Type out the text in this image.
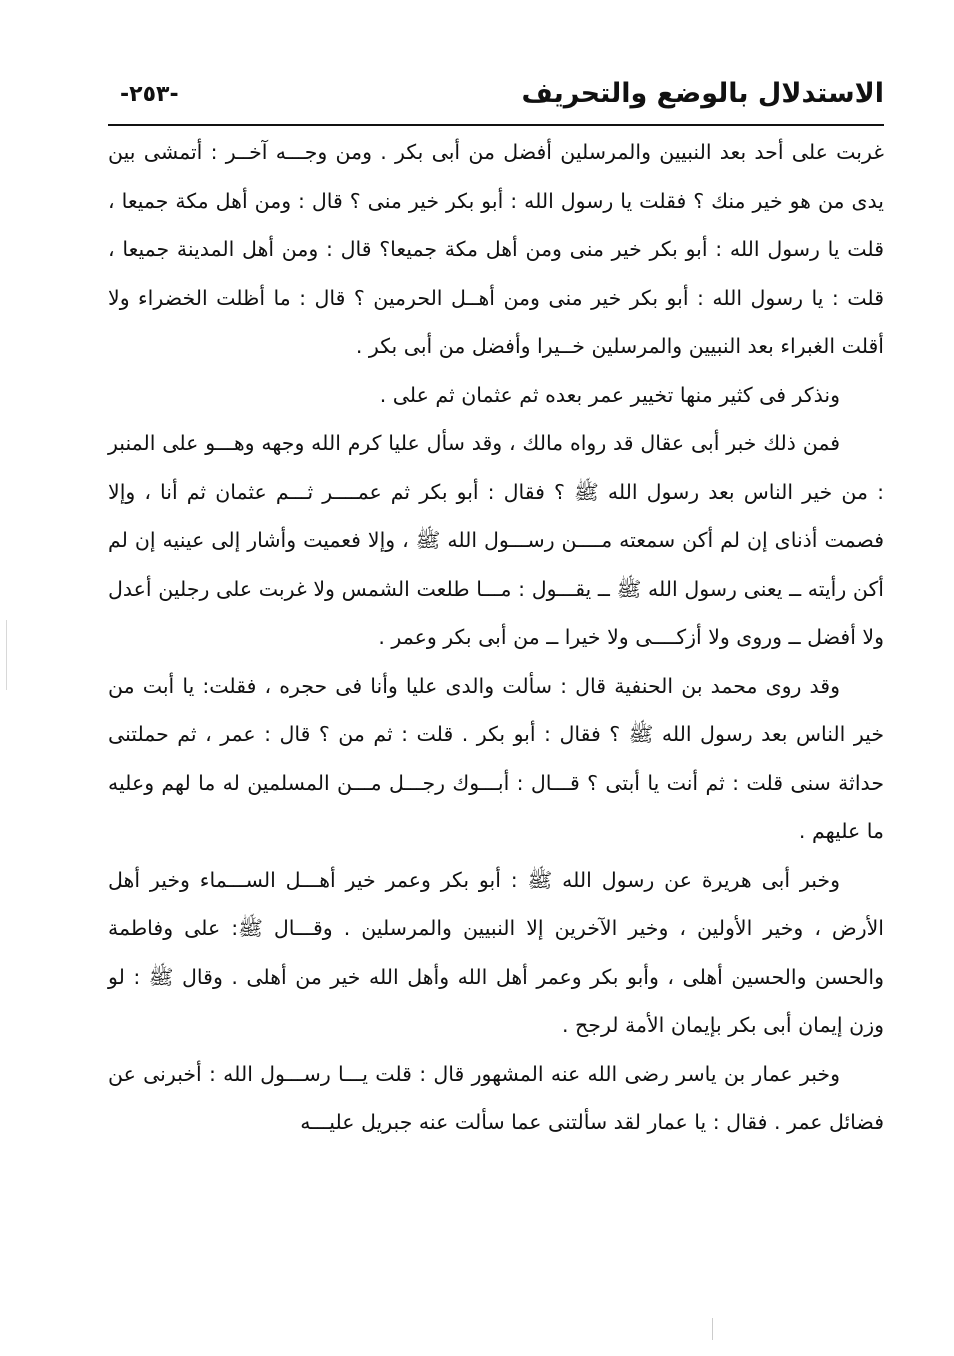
-٢٥٣-	الاستدلال بالوضع والتحريف

غربت على أحد بعد النبيين والمرسلين أفضل من أبى بكر . ومن وجـــه آخــر : أتمشى بين يدى من هو خير منك ؟ فقلت يا رسول الله : أبو بكر خير منى ؟ قال : ومن أهل مكة جميعا ، قلت يا رسول الله : أبو بكر خير منى ومن أهل مكة جميعا؟ قال : ومن أهل المدينة جميعا ، قلت : يا رسول الله : أبو بكر خير منى ومن أهــل الحرمين ؟ قال : ما أظلت الخضراء ولا أقلت الغبراء بعد النبيين والمرسلين خــيرا وأفضل من أبى بكر .

ونذكر فى كثير منها تخيير عمر بعده ثم عثمان ثم على .

فمن ذلك خبر أبى عقال قد رواه مالك ، وقد سأل عليا كرم الله وجهه وهـــو على المنبر : من خير الناس بعد رسول الله ﷺ ؟ فقال : أبو بكر ثم عمــــر ثـــم عثمان ثم أنا ، وإلا فصمت أذناى إن لم أكن سمعته مــــن رســـول الله ﷺ ، وإلا فعميت وأشار إلى عينيه إن لم أكن رأيته ــ يعنى رسول الله ﷺ ــ يقـــول : مـــا طلعت الشمس ولا غربت على رجلين أعدل ولا أفضل ــ وروى ولا أزكــــى ولا خيرا ــ من أبى بكر وعمر .

وقد روى محمد بن الحنفية قال : سألت والدى عليا وأنا فى حجره ، فقلت: يا أبت من خير الناس بعد رسول الله ﷺ ؟ فقال : أبو بكر . قلت : ثم من ؟ قال : عمر ، ثم حملتنى حداثة سنى قلت : ثم أنت يا أبتى ؟ قـــال : أبـــوك رجـــل مـــن المسلمين له ما لهم وعليه ما عليهم .

وخبر أبى هريرة عن رسول الله ﷺ : أبو بكر وعمر خير أهـــل الســـماء وخير أهل الأرض ، وخير الأولين ، وخير الآخرين إلا النبيين والمرسلين . وقـــال ﷺ: على وفاطمة والحسن والحسين أهلى ، وأبو بكر وعمر أهل الله وأهل الله خير من أهلى . وقال ﷺ : لو وزن إيمان أبى بكر بإيمان الأمة لرجح .

وخبر عمار بن ياسر رضى الله عنه المشهور قال : قلت يـــا رســـول الله : أخبرنى عن فضائل عمر . فقال : يا عمار لقد سألتنى عما سألت عنه جبريل عليـــه
